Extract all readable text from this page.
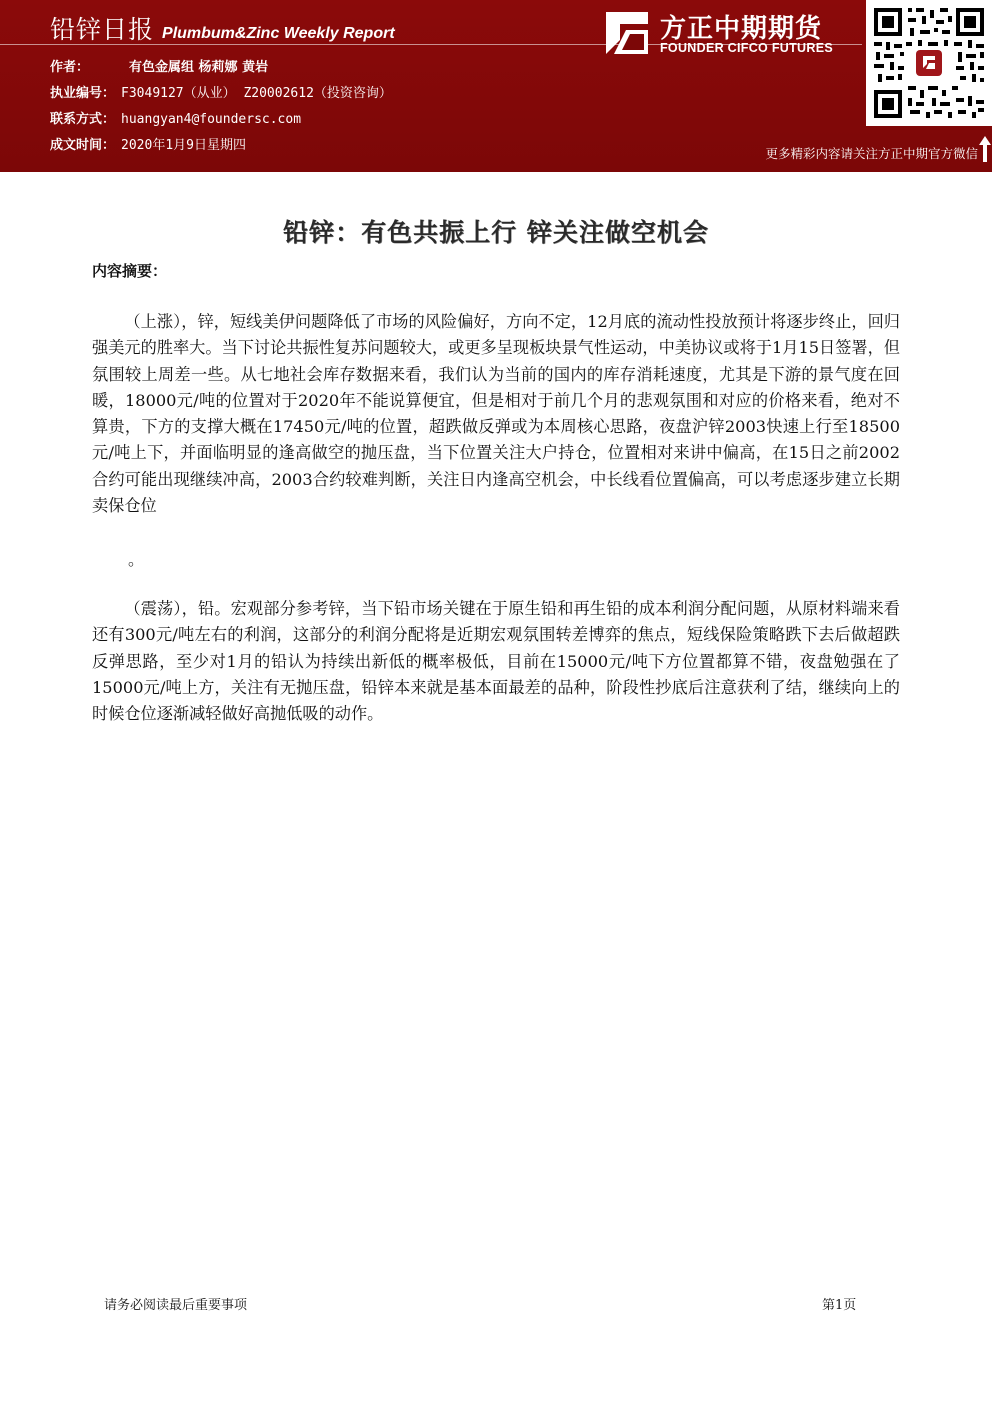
铅锌日报 Plumbum&Zinc Weekly Report
作者：	有色金属组 杨莉娜 黄岩
执业编号： F3049127（从业） Z20002612（投资咨询）
联系方式： huangyan4@foundersc.com
成文时间： 2020年1月9日星期四
方正中期期货
FOUNDER CIFCO FUTURES
更多精彩内容请关注方正中期官方微信
铅锌：有色共振上行 锌关注做空机会
内容摘要：
（上涨），锌，短线美伊问题降低了市场的风险偏好，方向不定，12月底的流动性投放预计将逐步终止，回归强美元的胜率大。当下讨论共振性复苏问题较大，或更多呈现板块景气性运动，中美协议或将于1月15日签署，但氛围较上周差一些。从七地社会库存数据来看，我们认为当前的国内的库存消耗速度，尤其是下游的景气度在回暖，18000元/吨的位置对于2020年不能说算便宜，但是相对于前几个月的悲观氛围和对应的价格来看，绝对不算贵，下方的支撑大概在17450元/吨的位置，超跌做反弹或为本周核心思路，夜盘沪锌2003快速上行至18500元/吨上下，并面临明显的逢高做空的抛压盘，当下位置关注大户持仓，位置相对来讲中偏高，在15日之前2002合约可能出现继续冲高，2003合约较难判断，关注日内逢高空机会，中长线看位置偏高，可以考虑逐步建立长期卖保仓位
。
（震荡），铅。宏观部分参考锌，当下铅市场关键在于原生铅和再生铅的成本利润分配问题，从原材料端来看还有300元/吨左右的利润，这部分的利润分配将是近期宏观氛围转差博弈的焦点，短线保险策略跌下去后做超跌反弹思路，至少对1月的铅认为持续出新低的概率极低，目前在15000元/吨下方位置都算不错，夜盘勉强在了15000元/吨上方，关注有无抛压盘，铅锌本来就是基本面最差的品种，阶段性抄底后注意获利了结，继续向上的时候仓位逐渐减轻做好高抛低吸的动作。
请务必阅读最后重要事项	第1页
